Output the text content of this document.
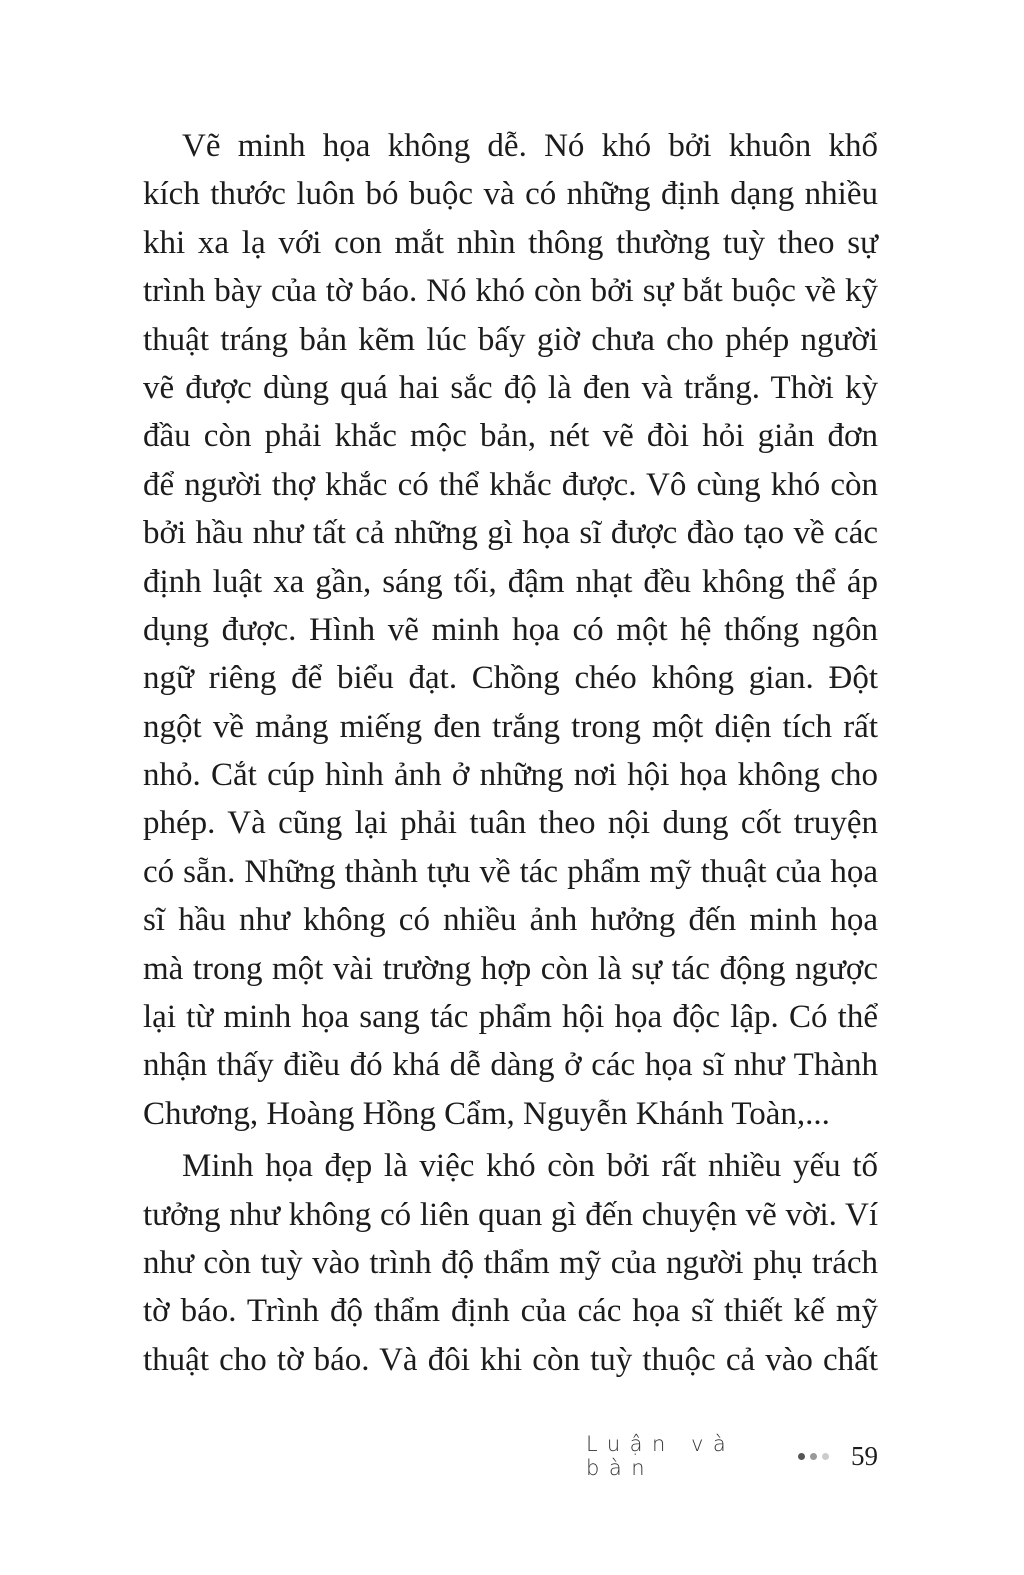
Vẽ minh họa không dễ. Nó khó bởi khuôn khổ
kích thước luôn bó buộc và có những định dạng nhiều
khi xa lạ với con mắt nhìn thông thường tuỳ theo sự
trình bày của tờ báo. Nó khó còn bởi sự bắt buộc về kỹ
thuật tráng bản kẽm lúc bấy giờ chưa cho phép người
vẽ được dùng quá hai sắc độ là đen và trắng. Thời kỳ
đầu còn phải khắc mộc bản, nét vẽ đòi hỏi giản đơn
để người thợ khắc có thể khắc được. Vô cùng khó còn
bởi hầu như tất cả những gì họa sĩ được đào tạo về các
định luật xa gần, sáng tối, đậm nhạt đều không thể áp
dụng được. Hình vẽ minh họa có một hệ thống ngôn
ngữ riêng để biểu đạt. Chồng chéo không gian. Đột
ngột về mảng miếng đen trắng trong một diện tích rất
nhỏ. Cắt cúp hình ảnh ở những nơi hội họa không cho
phép. Và cũng lại phải tuân theo nội dung cốt truyện
có sẵn. Những thành tựu về tác phẩm mỹ thuật của họa
sĩ hầu như không có nhiều ảnh hưởng đến minh họa
mà trong một vài trường hợp còn là sự tác động ngược
lại từ minh họa sang tác phẩm hội họa độc lập. Có thể
nhận thấy điều đó khá dễ dàng ở các họa sĩ như Thành
Chương, Hoàng Hồng Cẩm, Nguyễn Khánh Toàn,...
Minh họa đẹp là việc khó còn bởi rất nhiều yếu tố
tưởng như không có liên quan gì đến chuyện vẽ vời. Ví
như còn tuỳ vào trình độ thẩm mỹ của người phụ trách
tờ báo. Trình độ thẩm định của các họa sĩ thiết kế mỹ
thuật cho tờ báo. Và đôi khi còn tuỳ thuộc cả vào chất
Luận và bàn	59
